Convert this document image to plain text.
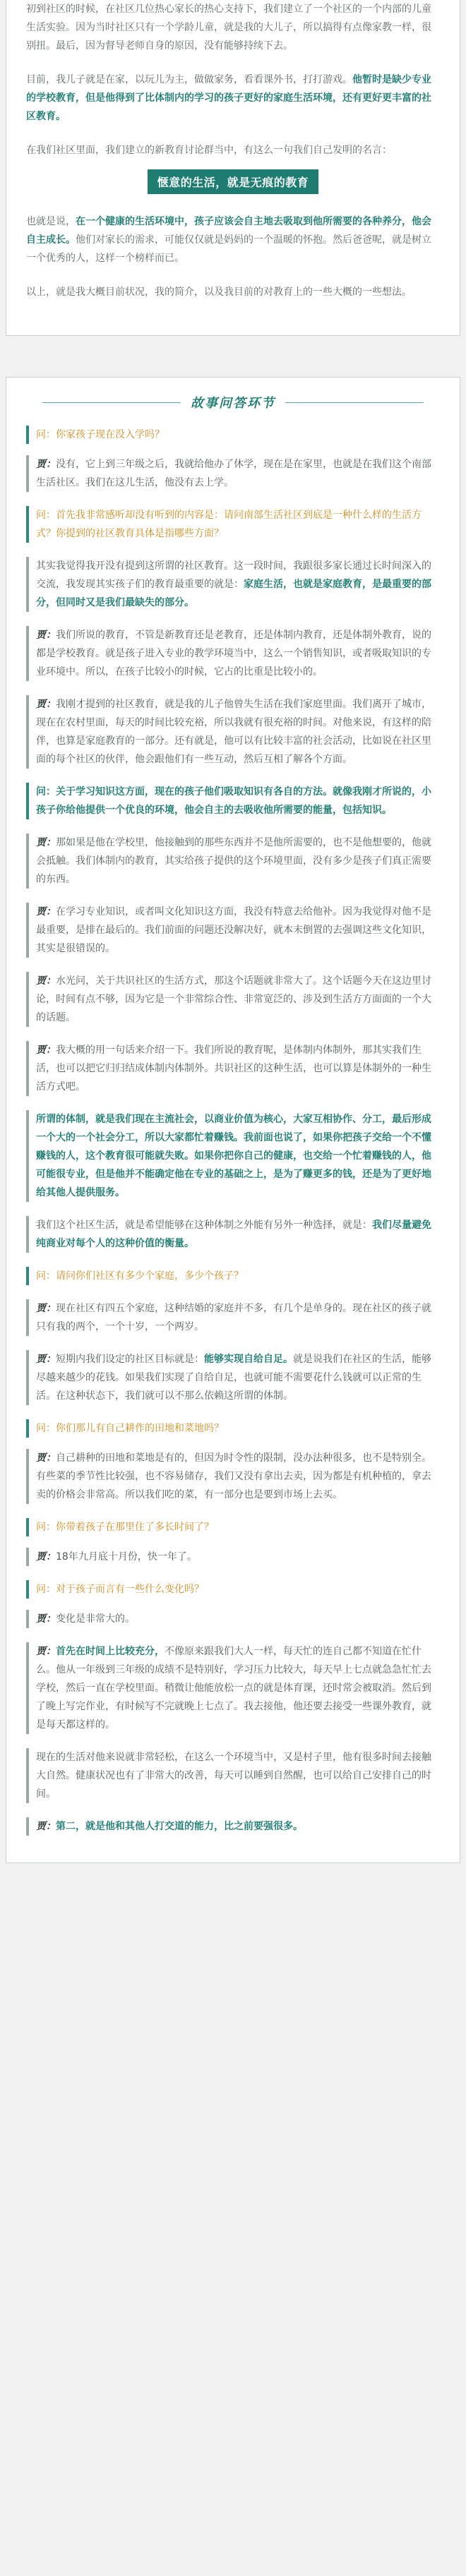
初到社区的时候，在社区几位热心家长的热心支持下，我们建立了一个社区的一个内部的儿童生活实验。因为当时社区只有一个学龄儿童，就是我的大儿子，所以搞得有点像家教一样，很别扭。最后，因为督导老师自身的原因，没有能够持续下去。

目前，我儿子就是在家，以玩儿为主，做做家务，看看课外书，打打游戏。他暂时是缺少专业的学校教育，但是他得到了比体制内的学习的孩子更好的家庭生活环境，还有更好更丰富的社区教育。

在我们社区里面，我们建立的新教育讨论群当中，有这么一句我们自己发明的名言：

惬意的生活，就是无痕的教育

也就是说，在一个健康的生活环境中，孩子应该会自主地去吸取到他所需要的各种养分，他会自主成长。他们对家长的需求，可能仅仅就是妈妈的一个温暖的怀抱。然后爸爸呢，就是树立一个优秀的人，这样一个榜样而已。

以上，就是我大概目前状况，我的简介，以及我目前的对教育上的一些大概的一些想法。

故事问答环节
问：你家孩子现在没入学吗？
贾：没有，它上到三年级之后，我就给他办了休学，现在是在家里，也就是在我们这个南部生活社区。我们在这儿生活，他没有去上学。
问：首先我非常感听却没有听到的内容是：请问南部生活社区到底是一种什么样的生活方式？你提到的社区教育具体是指哪些方面？
其实我觉得我开没有提到这所谓的社区教育。这一段时间，我跟很多家长通过长时间深入的交流，我发现其实孩子们的教育最重要的就是：家庭生活，也就是家庭教育，是最重要的部分，但同时又是我们最缺失的部分。
贾：我们所说的教育，不管是新教育还是老教育，还是体制内教育，还是体制外教育，说的都是学校教育。就是孩子进入专业的教学环境当中，这么一个销售知识，或者吸取知识的专业环境中。所以，在孩子比较小的时候，它占的比重是比较小的。
贾：我刚才提到的社区教育，就是我的儿子他曾失生活在我们家庭里面。我们离开了城市，现在在农村里面，每天的时间比较充裕，所以我就有很充裕的时间。对他来说，有这样的陪伴，也算是家庭教育的一部分。还有就是，他可以有比较丰富的社会活动，比如说在社区里面的每个社区的伙伴，他会跟他们有一些互动，然后互相了解各个方面。
问：关于学习知识这方面，现在的孩子他们吸取知识有各自的方法。就像我刚才所说的，小孩子你给他提供一个优良的环境，他会自主的去吸收他所需要的能量，包括知识。
贾：那如果是他在学校里，他接触到的那些东西并不是他所需要的，也不是他想要的，他就会抵触。我们体制内的教育，其实给孩子提供的这个环境里面，没有多少是孩子们真正需要的东西。
贾：在学习专业知识，或者叫文化知识这方面，我没有特意去给他补。因为我觉得对他不是最重要，是排在最后的。我们前面的问题还没解决好，就本末倒置的去强调这些文化知识，其实是很错误的。
贾：水光问，关于共识社区的生活方式，那这个话题就非常大了。这个话题今天在这边里讨论，时间有点不够，因为它是一个非常综合性、非常宽泛的、涉及到生活方方面面的一个大的话题。
贾：我大概的用一句话来介绍一下。我们所说的教育呢，是体制内体制外，那其实我们生活，也可以把它归归结成体制内体制外。共识社区的这种生活，也可以算是体制外的一种生活方式吧。
所谓的体制，就是我们现在主流社会，以商业价值为核心，大家互相协作、分工，最后形成一个大的一个社会分工，所以大家都忙着赚钱。我前面也说了，如果你把孩子交给一个不懂赚钱的人，这个教育很可能就失败。如果你把你自己的健康，也交给一个忙着赚钱的人，他可能很专业，但是他并不能确定他在专业的基础之上，是为了赚更多的钱，还是为了更好地给其他人提供服务。
我们这个社区生活，就是希望能够在这种体制之外能有另外一种选择，就是：我们尽量避免纯商业对每个人的这种价值的衡量。
问：请问你们社区有多少个家庭，多少个孩子？
贾：现在社区有四五个家庭，这种结婚的家庭并不多，有几个是单身的。现在社区的孩子就只有我的两个，一个十岁，一个两岁。
贾：短期内我们设定的社区目标就是：能够实现自给自足。就是说我们在社区的生活，能够尽越来越少的花钱。如果我们实现了自给自足，也就可能不需要花什么钱就可以正常的生活。在这种状态下，我们就可以不那么依赖这所谓的体制。
问：你们那儿有自己耕作的田地和菜地吗？
贾：自己耕种的田地和菜地是有的，但因为时令性的限制，没办法种很多，也不是特别全。有些菜的季节性比较强，也不容易储存，我们又没有拿出去卖，因为都是有机种植的，拿去卖的价格会非常高。所以我们吃的菜，有一部分也是要到市场上去买。
问：你带着孩子在那里住了多长时间了？
贾：18年九月底十月份，快一年了。
问：对于孩子而言有一些什么变化吗？
贾：变化是非常大的。
贾：首先在时间上比较充分，不像原来跟我们大人一样，每天忙的连自己都不知道在忙什么。他从一年级到三年级的成绩不是特别好，学习压力比较大，每天早上七点就急急忙忙去学校，然后一直在学校里面。稍微让他能放松一点的就是体育课，还时常会被取消。然后到了晚上写完作业，有时候写不完就晚上七点了。我去接他，他还要去接受一些课外教育，就是每天都这样的。
现在的生活对他来说就非常轻松，在这么一个环境当中，又是村子里，他有很多时间去接触大自然。健康状况也有了非常大的改善，每天可以睡到自然醒，也可以给自己安排自己的时间。
贾：第二，就是他和其他人打交道的能力，比之前要强很多。
